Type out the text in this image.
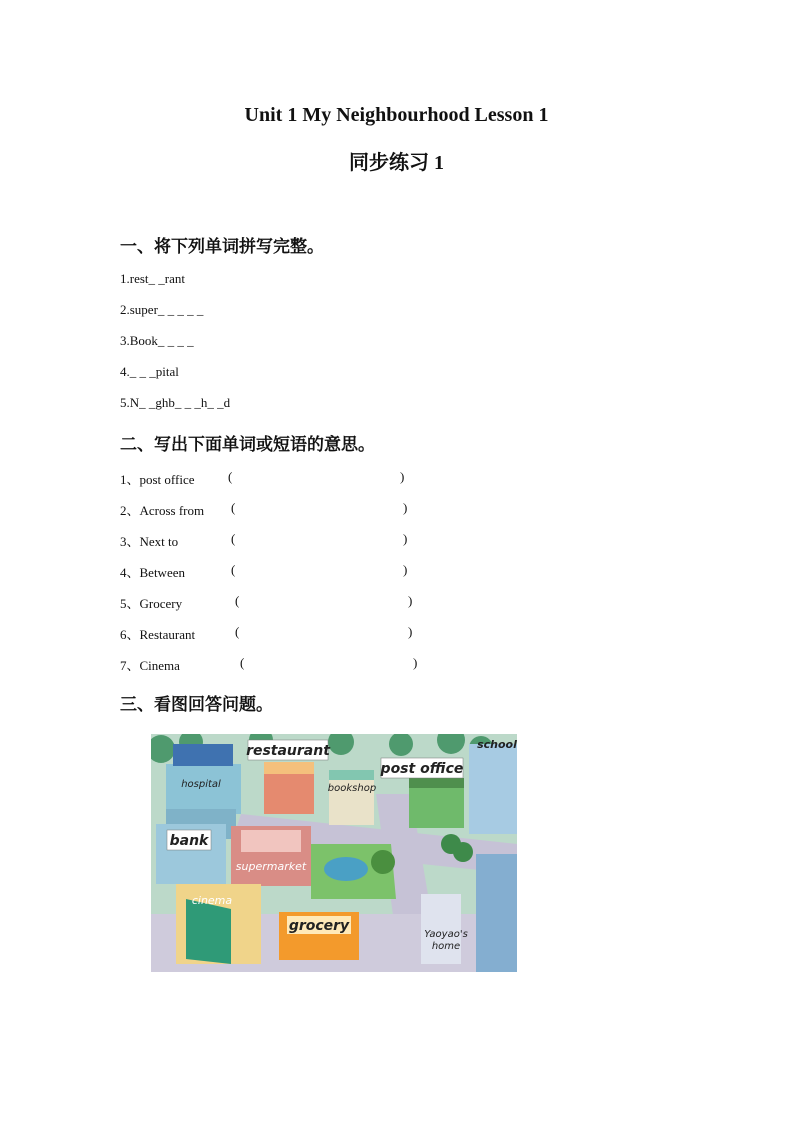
Unit 1 My Neighbourhood Lesson 1
同步练习 1
一、将下列单词拼写完整。
1.rest_ _rant
2.super_ _ _ _ _
3.Book_ _ _ _
4._ _ _pital
5.N_ _ghb_ _ _h_ _d
二、写出下面单词或短语的意思。
1、post office	(	)
2、Across from (	)
3、Next to	(	)
4、Between	(	)
5、Grocery	(	)
6、Restaurant	(	)
7、Cinema	(	)
三、看图回答问题。
restaurant	school
post office
hospital	bookshop
bank
supermarket
cinema
grocery
Yaoyao's
home
